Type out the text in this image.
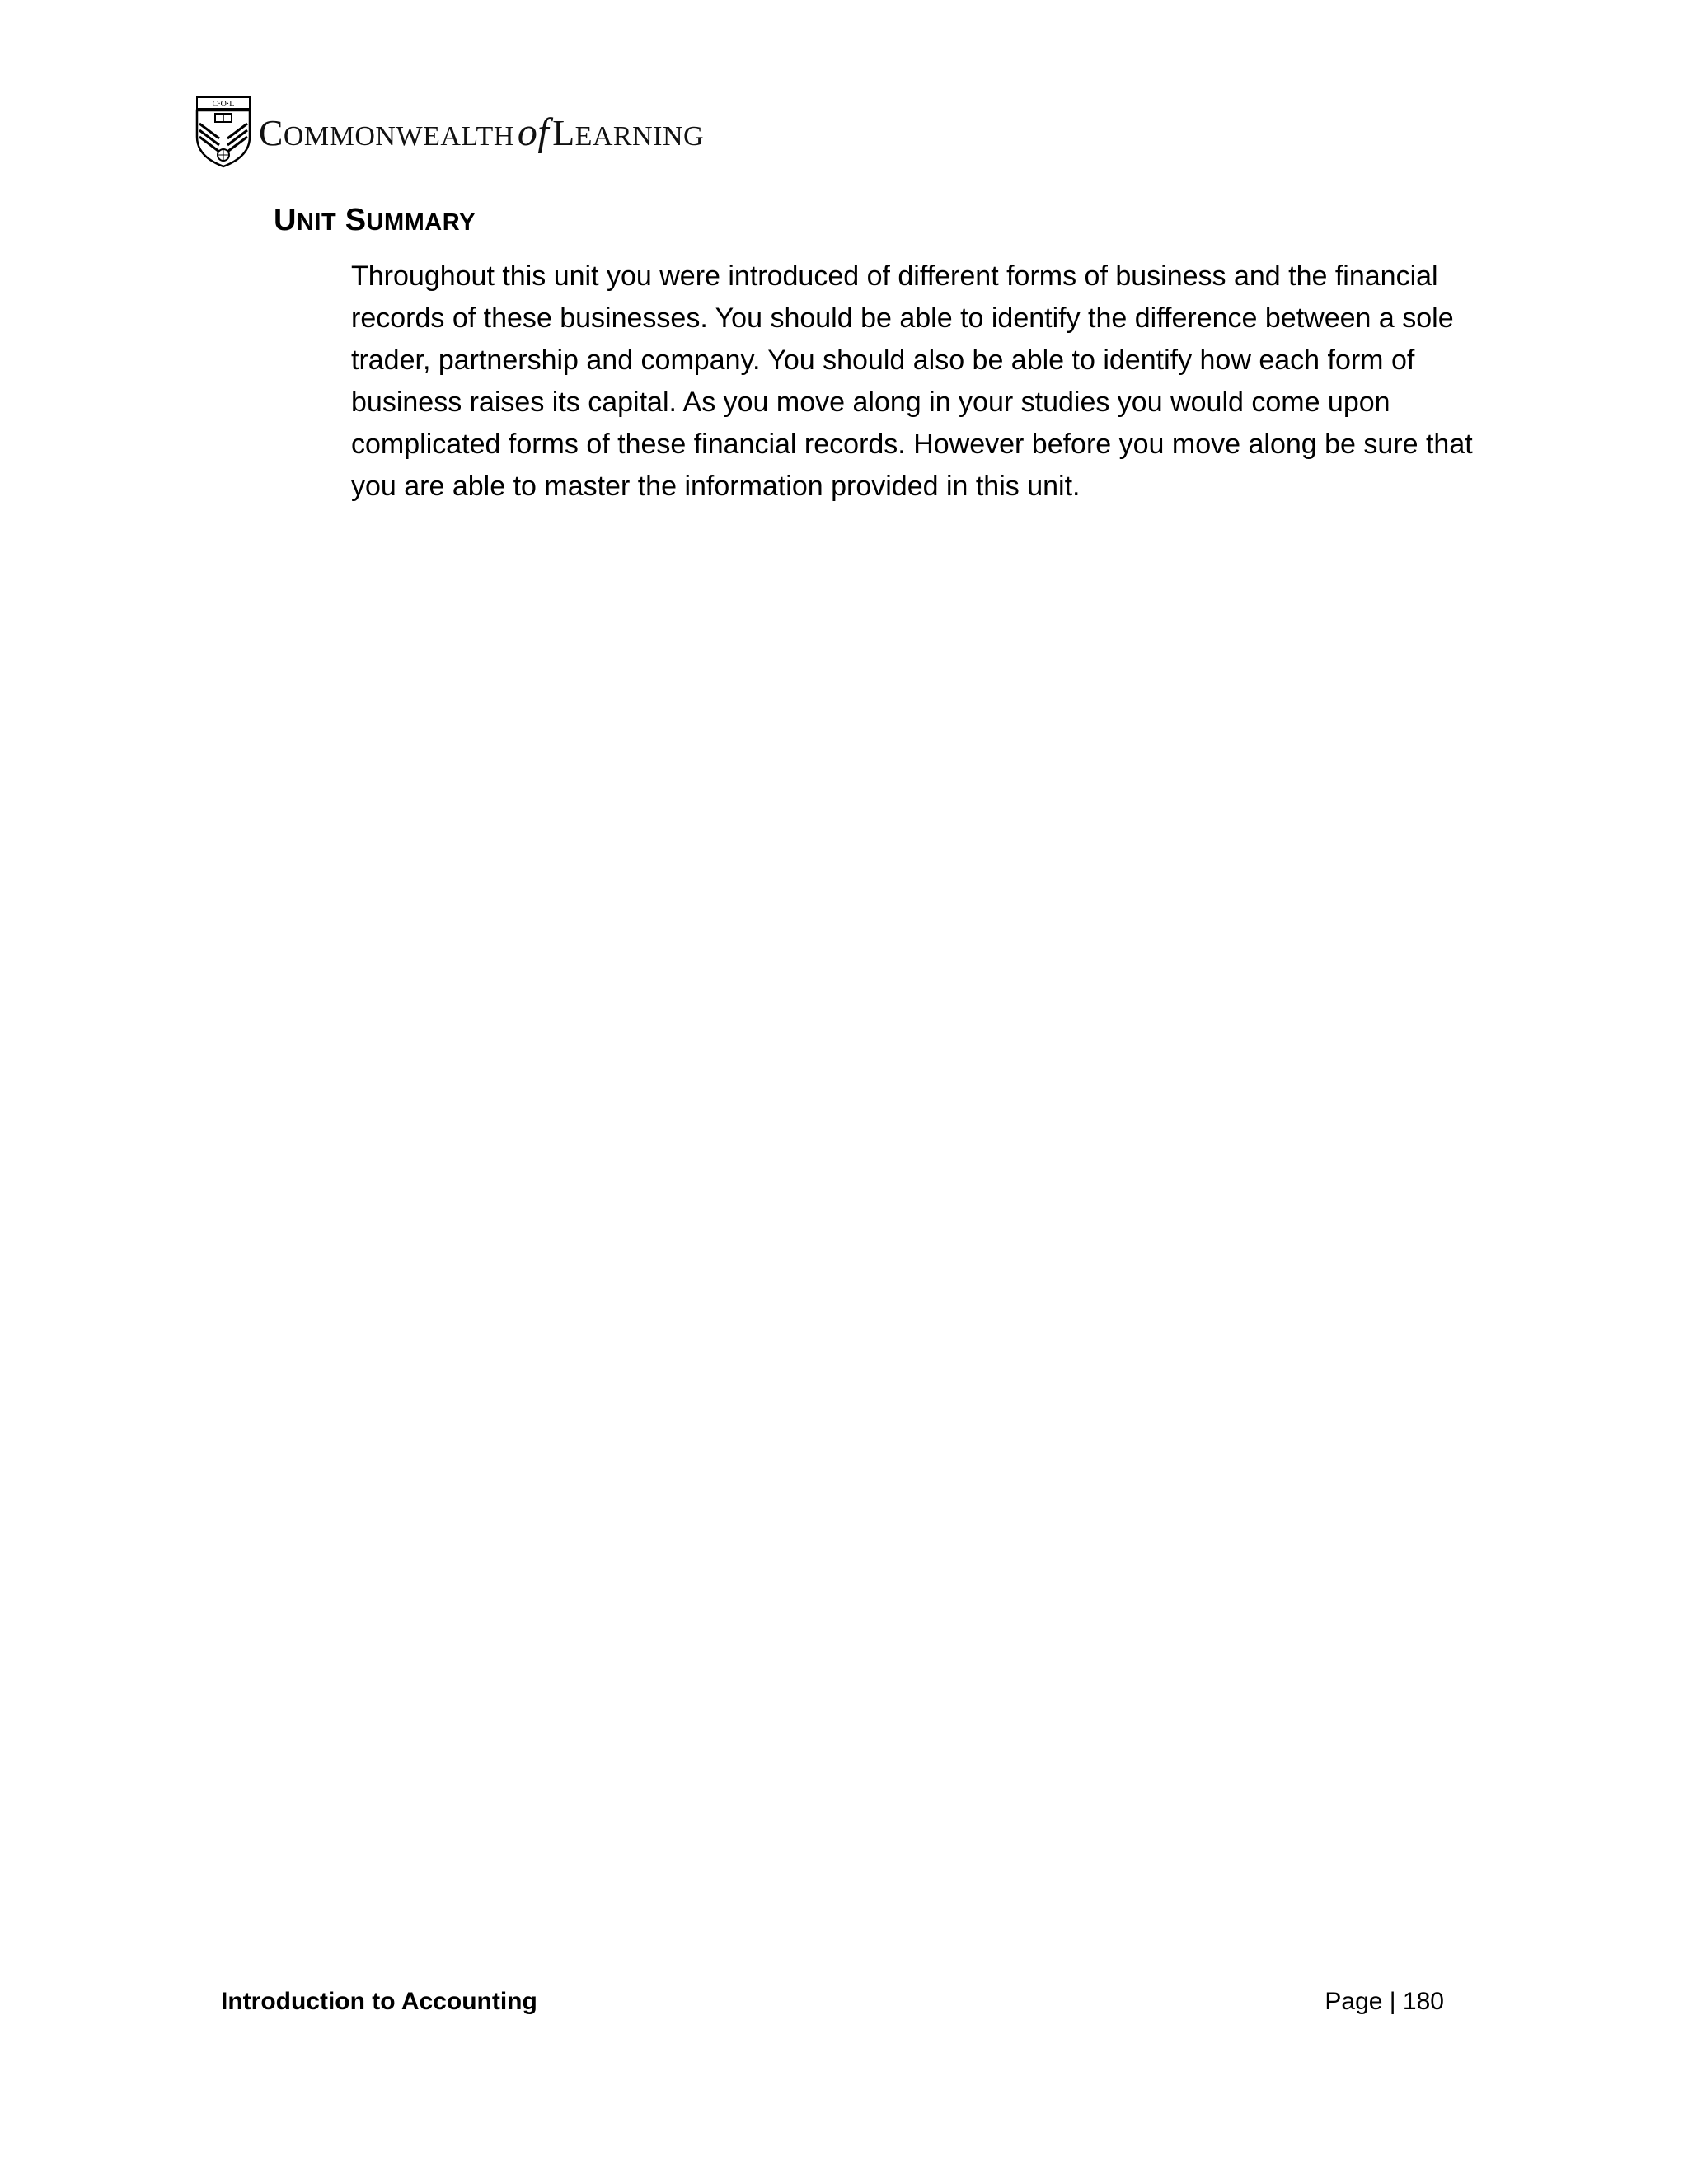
C·O·L
C OMMONWEALTH of L EARNING
UNIT SUMMARY

Throughout this unit you were introduced of different forms of business and the financial
records of these businesses. You should be able to identify the difference between a sole
trader, partnership and company. You should also be able to identify how each form of
business raises its capital. As you move along in your studies you would come upon
complicated forms of these financial records. However before you move along be sure that
you are able to master the information provided in this unit.

Introduction to Accounting	Page | 180
